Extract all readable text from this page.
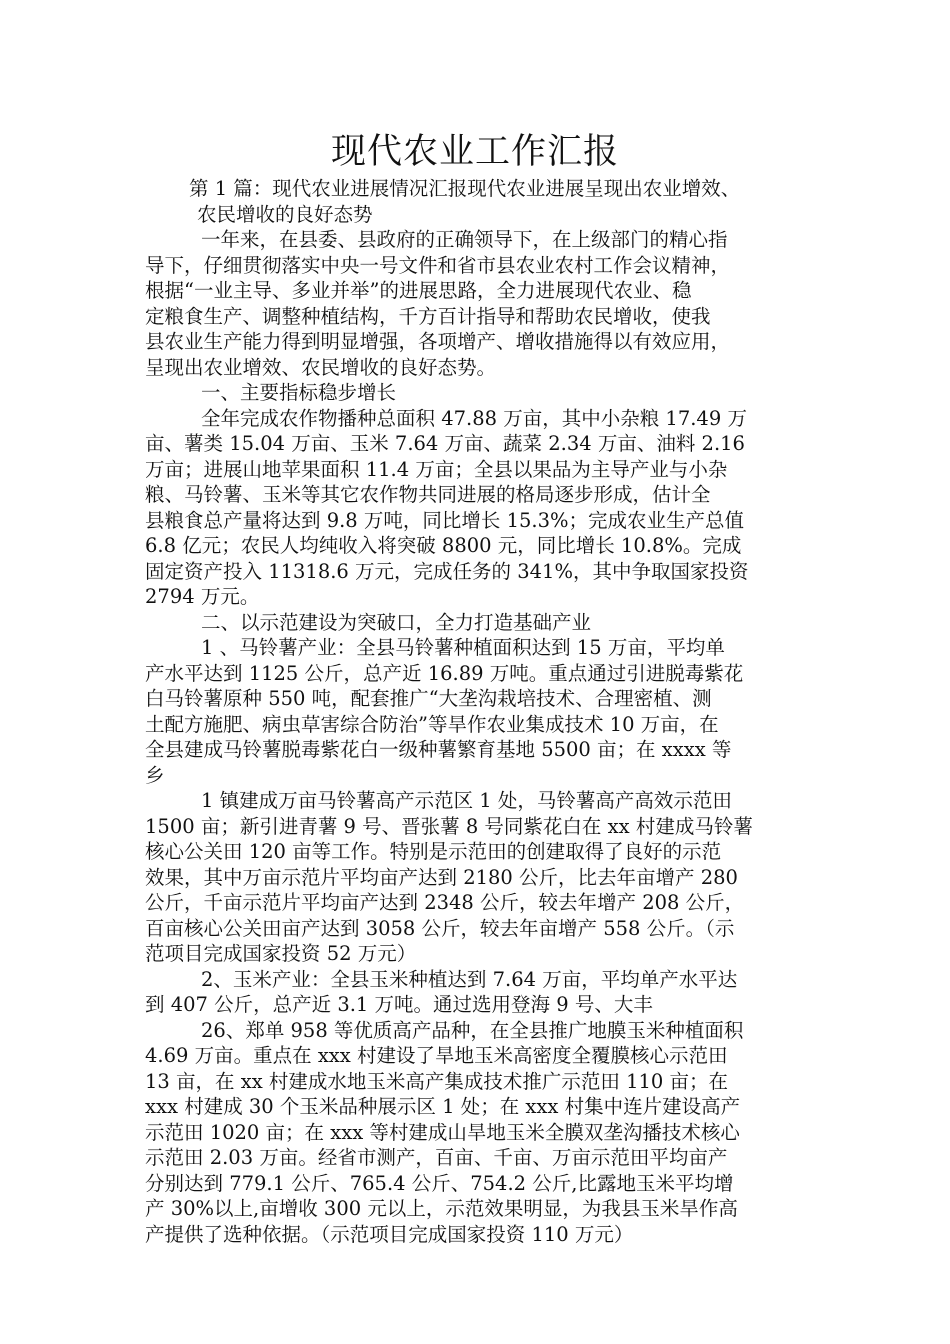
现代农业工作汇报
第 1 篇：现代农业进展情况汇报现代农业进展呈现出农业增效、
农民增收的良好态势
一年来，在县委、县政府的正确领导下，在上级部门的精心指
导下，仔细贯彻落实中央一号文件和省市县农业农村工作会议精神，
根据“一业主导、多业并举”的进展思路，全力进展现代农业、稳
定粮食生产、调整种植结构，千方百计指导和帮助农民增收，使我
县农业生产能力得到明显增强，各项增产、增收措施得以有效应用，
呈现出农业增效、农民增收的良好态势。
一、主要指标稳步增长
全年完成农作物播种总面积 47.88 万亩，其中小杂粮 17.49 万
亩、薯类 15.04 万亩、玉米 7.64 万亩、蔬菜 2.34 万亩、油料 2.16
万亩；进展山地苹果面积 11.4 万亩；全县以果品为主导产业与小杂
粮、马铃薯、玉米等其它农作物共同进展的格局逐步形成，估计全
县粮食总产量将达到 9.8 万吨，同比增长 15.3%；完成农业生产总值
6.8 亿元；农民人均纯收入将突破 8800 元，同比增长 10.8%。完成
固定资产投入 11318.6 万元，完成任务的 341%，其中争取国家投资
2794 万元。
二、以示范建设为突破口，全力打造基础产业
1 、马铃薯产业：全县马铃薯种植面积达到 15 万亩，平均单
产水平达到 1125 公斤，总产近 16.89 万吨。重点通过引进脱毒紫花
白马铃薯原种 550 吨，配套推广“大垄沟栽培技术、合理密植、测
土配方施肥、病虫草害综合防治”等旱作农业集成技术 10 万亩，在
全县建成马铃薯脱毒紫花白一级种薯繁育基地 5500 亩；在 xxxx 等
乡
1 镇建成万亩马铃薯高产示范区 1 处，马铃薯高产高效示范田
1500 亩；新引进青薯 9 号、晋张薯 8 号同紫花白在 xx 村建成马铃薯
核心公关田 120 亩等工作。特别是示范田的创建取得了良好的示范
效果，其中万亩示范片平均亩产达到 2180 公斤，比去年亩增产 280
公斤，千亩示范片平均亩产达到 2348 公斤，较去年增产 208 公斤，
百亩核心公关田亩产达到 3058 公斤，较去年亩增产 558 公斤。（示
范项目完成国家投资 52 万元）
2、玉米产业：全县玉米种植达到 7.64 万亩，平均单产水平达
到 407 公斤，总产近 3.1 万吨。通过选用登海 9 号、大丰
26、郑单 958 等优质高产品种，在全县推广地膜玉米种植面积
4.69 万亩。重点在 xxx 村建设了旱地玉米高密度全覆膜核心示范田
13 亩，在 xx 村建成水地玉米高产集成技术推广示范田 110 亩；在
xxx 村建成 30 个玉米品种展示区 1 处；在 xxx 村集中连片建设高产
示范田 1020 亩；在 xxx 等村建成山旱地玉米全膜双垄沟播技术核心
示范田 2.03 万亩。经省市测产，百亩、千亩、万亩示范田平均亩产
分别达到 779.1 公斤、765.4 公斤、754.2 公斤,比露地玉米平均增
产 30%以上,亩增收 300 元以上，示范效果明显，为我县玉米旱作高
产提供了选种依据。（示范项目完成国家投资 110 万元）
